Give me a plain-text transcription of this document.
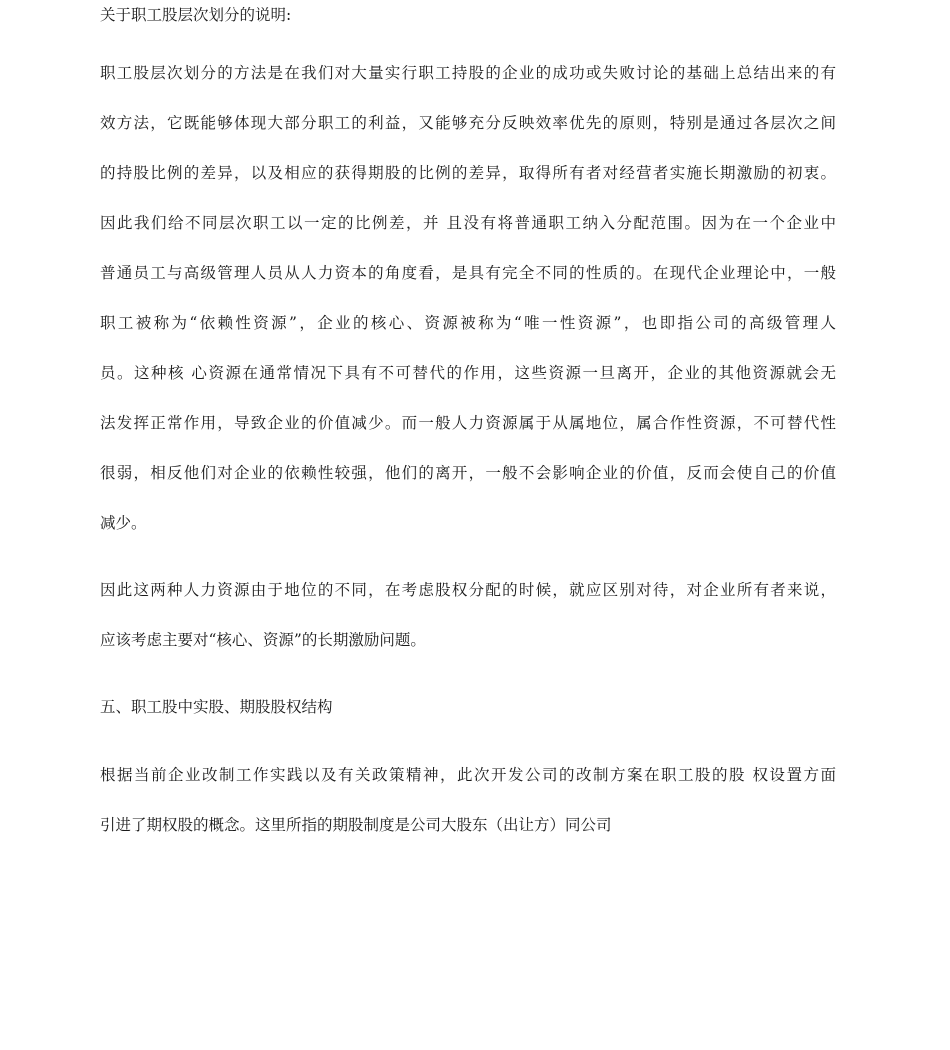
关于职工股层次划分的说明:
职工股层次划分的方法是在我们对大量实行职工持股的企业的成功或失败讨论的基础上总结出来的有
效方法，它既能够体现大部分职工的利益，又能够充分反映效率优先的原则，特别是通过各层次之间
的持股比例的差异，以及相应的获得期股的比例的差异，取得所有者对经营者实施长期激励的初衷。
因此我们给不同层次职工以一定的比例差，并 且没有将普通职工纳入分配范围。因为在一个企业中
普通员工与高级管理人员从人力资本的角度看，是具有完全不同的性质的。在现代企业理论中，一般
职工被称为“依赖性资源”，企业的核心、资源被称为“唯一性资源”，也即指公司的高级管理人
员。这种核 心资源在通常情况下具有不可替代的作用，这些资源一旦离开，企业的其他资源就会无
法发挥正常作用，导致企业的价值减少。而一般人力资源属于从属地位，属合作性资源，不可替代性
很弱，相反他们对企业的依赖性较强，他们的离开，一般不会影响企业的价值，反而会使自己的价值
减少。
因此这两种人力资源由于地位的不同，在考虑股权分配的时候，就应区别对待，对企业所有者来说，
应该考虑主要对“核心、资源”的长期激励问题。
五、职工股中实股、期股股权结构
根据当前企业改制工作实践以及有关政策精神，此次开发公司的改制方案在职工股的股 权设置方面
引进了期权股的概念。这里所指的期股制度是公司大股东（出让方）同公司
